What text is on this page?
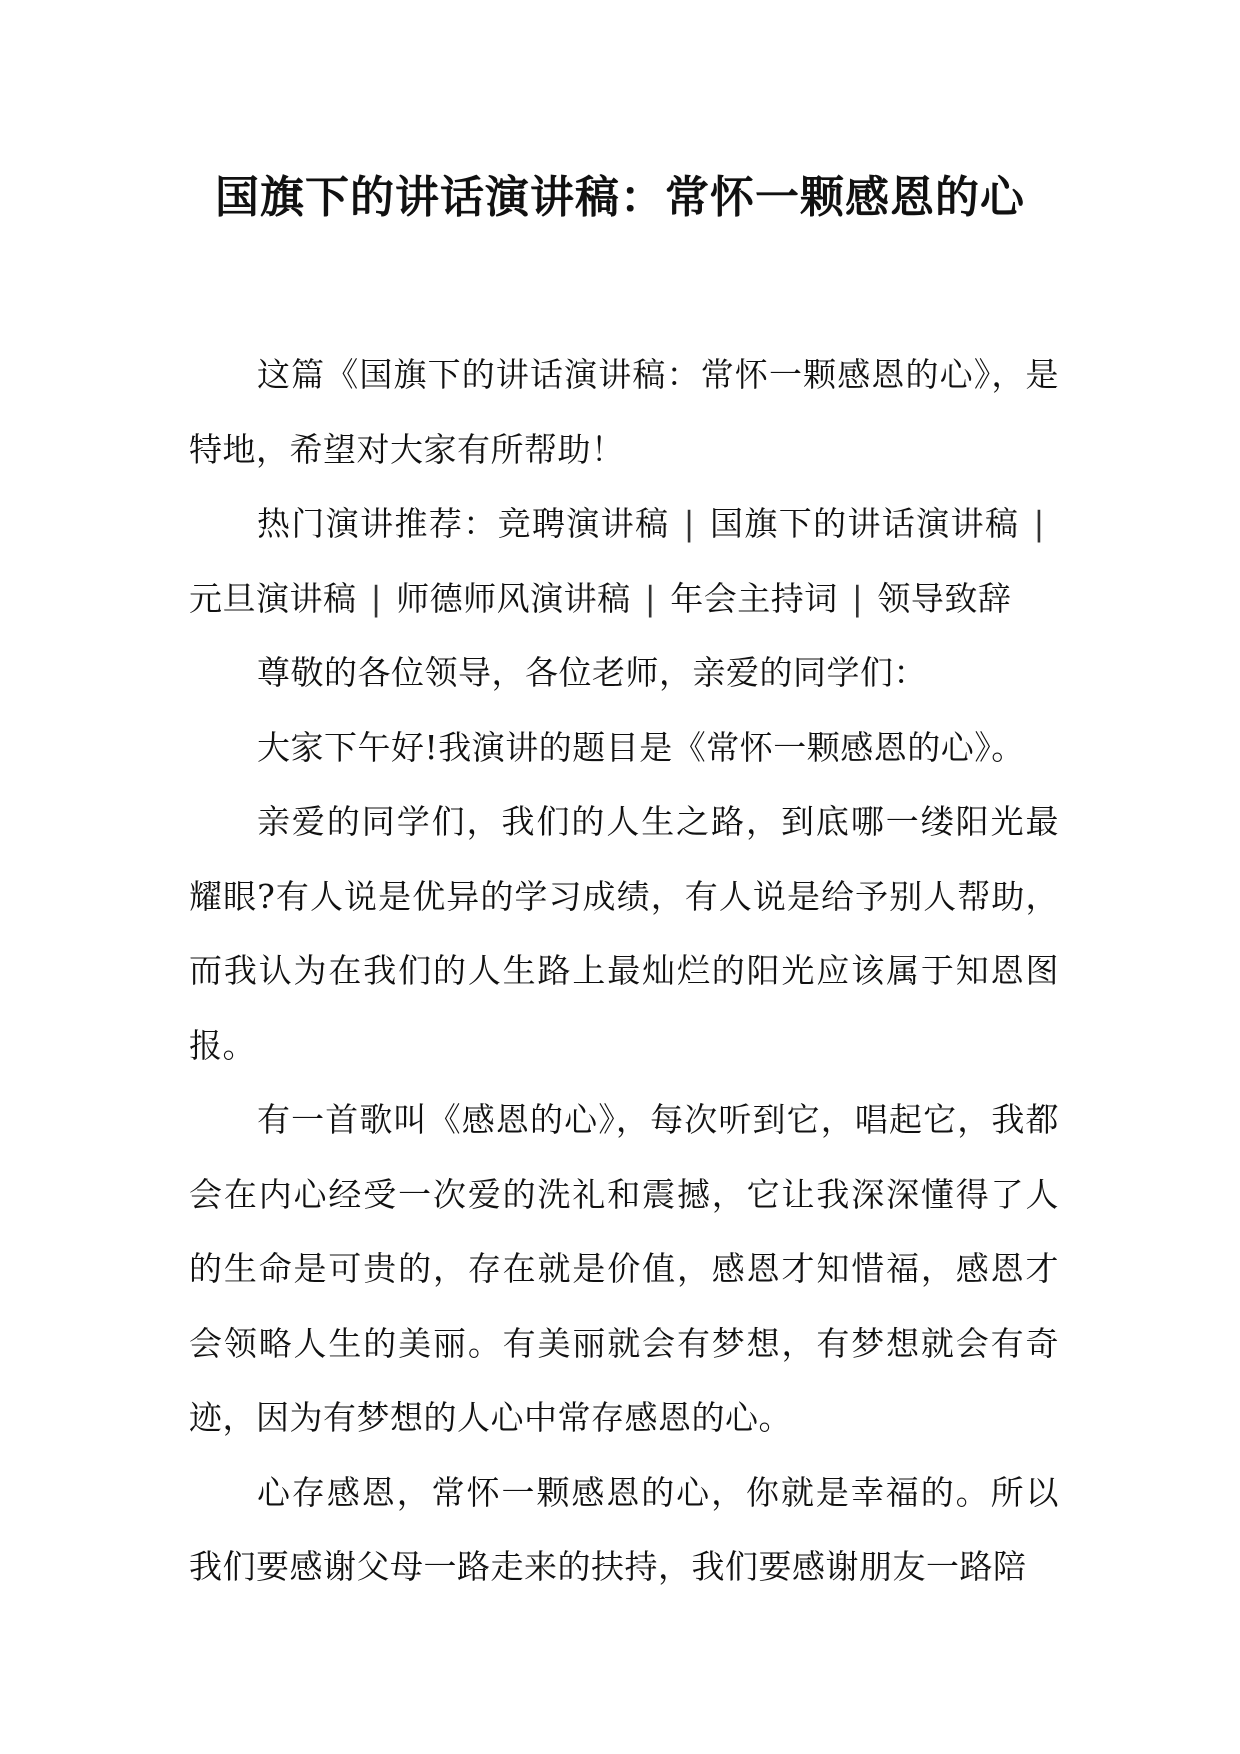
国旗下的讲话演讲稿：常怀一颗感恩的心

这篇《国旗下的讲话演讲稿：常怀一颗感恩的心》，是特地，希望对大家有所帮助！

热门演讲推荐：竞聘演讲稿 | 国旗下的讲话演讲稿 |元旦演讲稿 | 师德师风演讲稿 | 年会主持词 | 领导致辞

尊敬的各位领导，各位老师，亲爱的同学们：

大家下午好!我演讲的题目是《常怀一颗感恩的心》。

亲爱的同学们，我们的人生之路，到底哪一缕阳光最耀眼?有人说是优异的学习成绩，有人说是给予别人帮助，而我认为在我们的人生路上最灿烂的阳光应该属于知恩图报。

有一首歌叫《感恩的心》，每次听到它，唱起它，我都会在内心经受一次爱的洗礼和震撼，它让我深深懂得了人的生命是可贵的，存在就是价值，感恩才知惜福，感恩才会领略人生的美丽。有美丽就会有梦想，有梦想就会有奇迹，因为有梦想的人心中常存感恩的心。

心存感恩，常怀一颗感恩的心，你就是幸福的。所以我们要感谢父母一路走来的扶持，我们要感谢朋友一路陪
